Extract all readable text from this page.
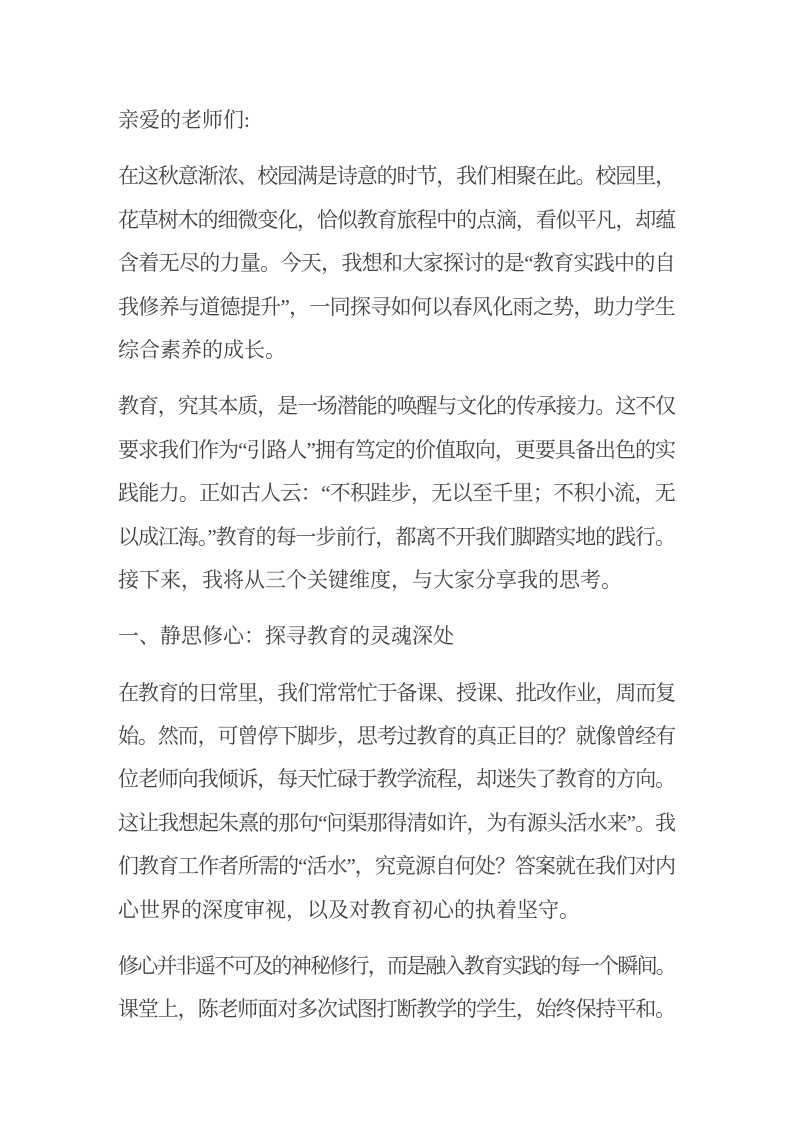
亲爱的老师们:
在这秋意渐浓、校园满是诗意的时节，我们相聚在此。校园里，
花草树木的细微变化，恰似教育旅程中的点滴，看似平凡，却蕴
含着无尽的力量。今天，我想和大家探讨的是“教育实践中的自
我修养与道德提升”，一同探寻如何以春风化雨之势，助力学生
综合素养的成长。
教育，究其本质，是一场潜能的唤醒与文化的传承接力。这不仅
要求我们作为“引路人”拥有笃定的价值取向，更要具备出色的实
践能力。正如古人云：“不积跬步，无以至千里；不积小流，无
以成江海。”教育的每一步前行，都离不开我们脚踏实地的践行。
接下来，我将从三个关键维度，与大家分享我的思考。
一、静思修心：探寻教育的灵魂深处
在教育的日常里，我们常常忙于备课、授课、批改作业，周而复
始。然而，可曾停下脚步，思考过教育的真正目的？就像曾经有
位老师向我倾诉，每天忙碌于教学流程，却迷失了教育的方向。
这让我想起朱熹的那句“问渠那得清如许，为有源头活水来”。我
们教育工作者所需的“活水”，究竟源自何处？答案就在我们对内
心世界的深度审视，以及对教育初心的执着坚守。
修心并非遥不可及的神秘修行，而是融入教育实践的每一个瞬间。
课堂上，陈老师面对多次试图打断教学的学生，始终保持平和。
